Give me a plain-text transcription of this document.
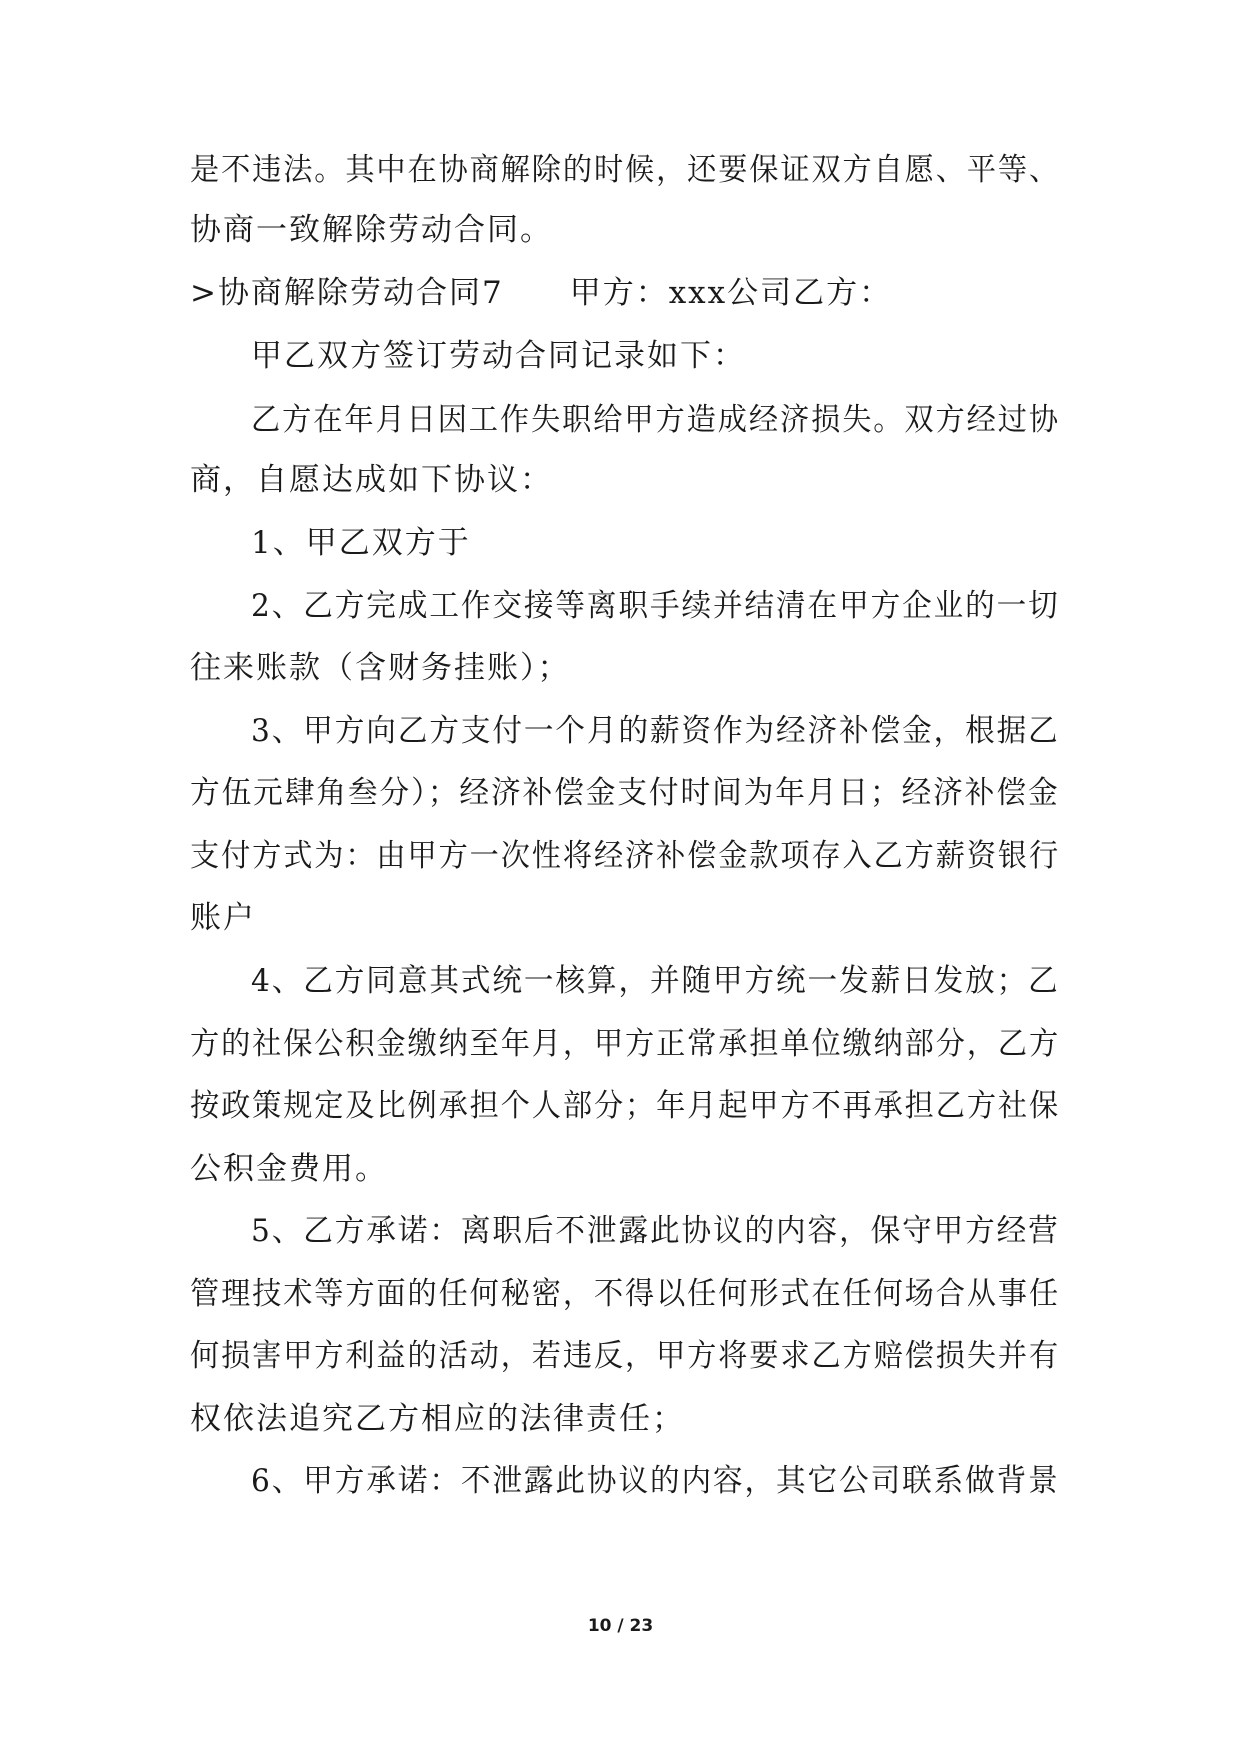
是不违法。其中在协商解除的时候，还要保证双方自愿、平等、
协商一致解除劳动合同。
>协商解除劳动合同7　　甲方：xxx公司乙方：
甲乙双方签订劳动合同记录如下：
乙方在年月日因工作失职给甲方造成经济损失。双方经过协
商，自愿达成如下协议：
1、甲乙双方于
2、乙方完成工作交接等离职手续并结清在甲方企业的一切
往来账款（含财务挂账）；
3、甲方向乙方支付一个月的薪资作为经济补偿金，根据乙
方伍元肆角叁分）；经济补偿金支付时间为年月日；经济补偿金
支付方式为：由甲方一次性将经济补偿金款项存入乙方薪资银行
账户
4、乙方同意其式统一核算，并随甲方统一发薪日发放；乙
方的社保公积金缴纳至年月，甲方正常承担单位缴纳部分，乙方
按政策规定及比例承担个人部分；年月起甲方不再承担乙方社保
公积金费用。
5、乙方承诺：离职后不泄露此协议的内容，保守甲方经营
管理技术等方面的任何秘密，不得以任何形式在任何场合从事任
何损害甲方利益的活动，若违反，甲方将要求乙方赔偿损失并有
权依法追究乙方相应的法律责任；
6、甲方承诺：不泄露此协议的内容，其它公司联系做背景
10 / 23
